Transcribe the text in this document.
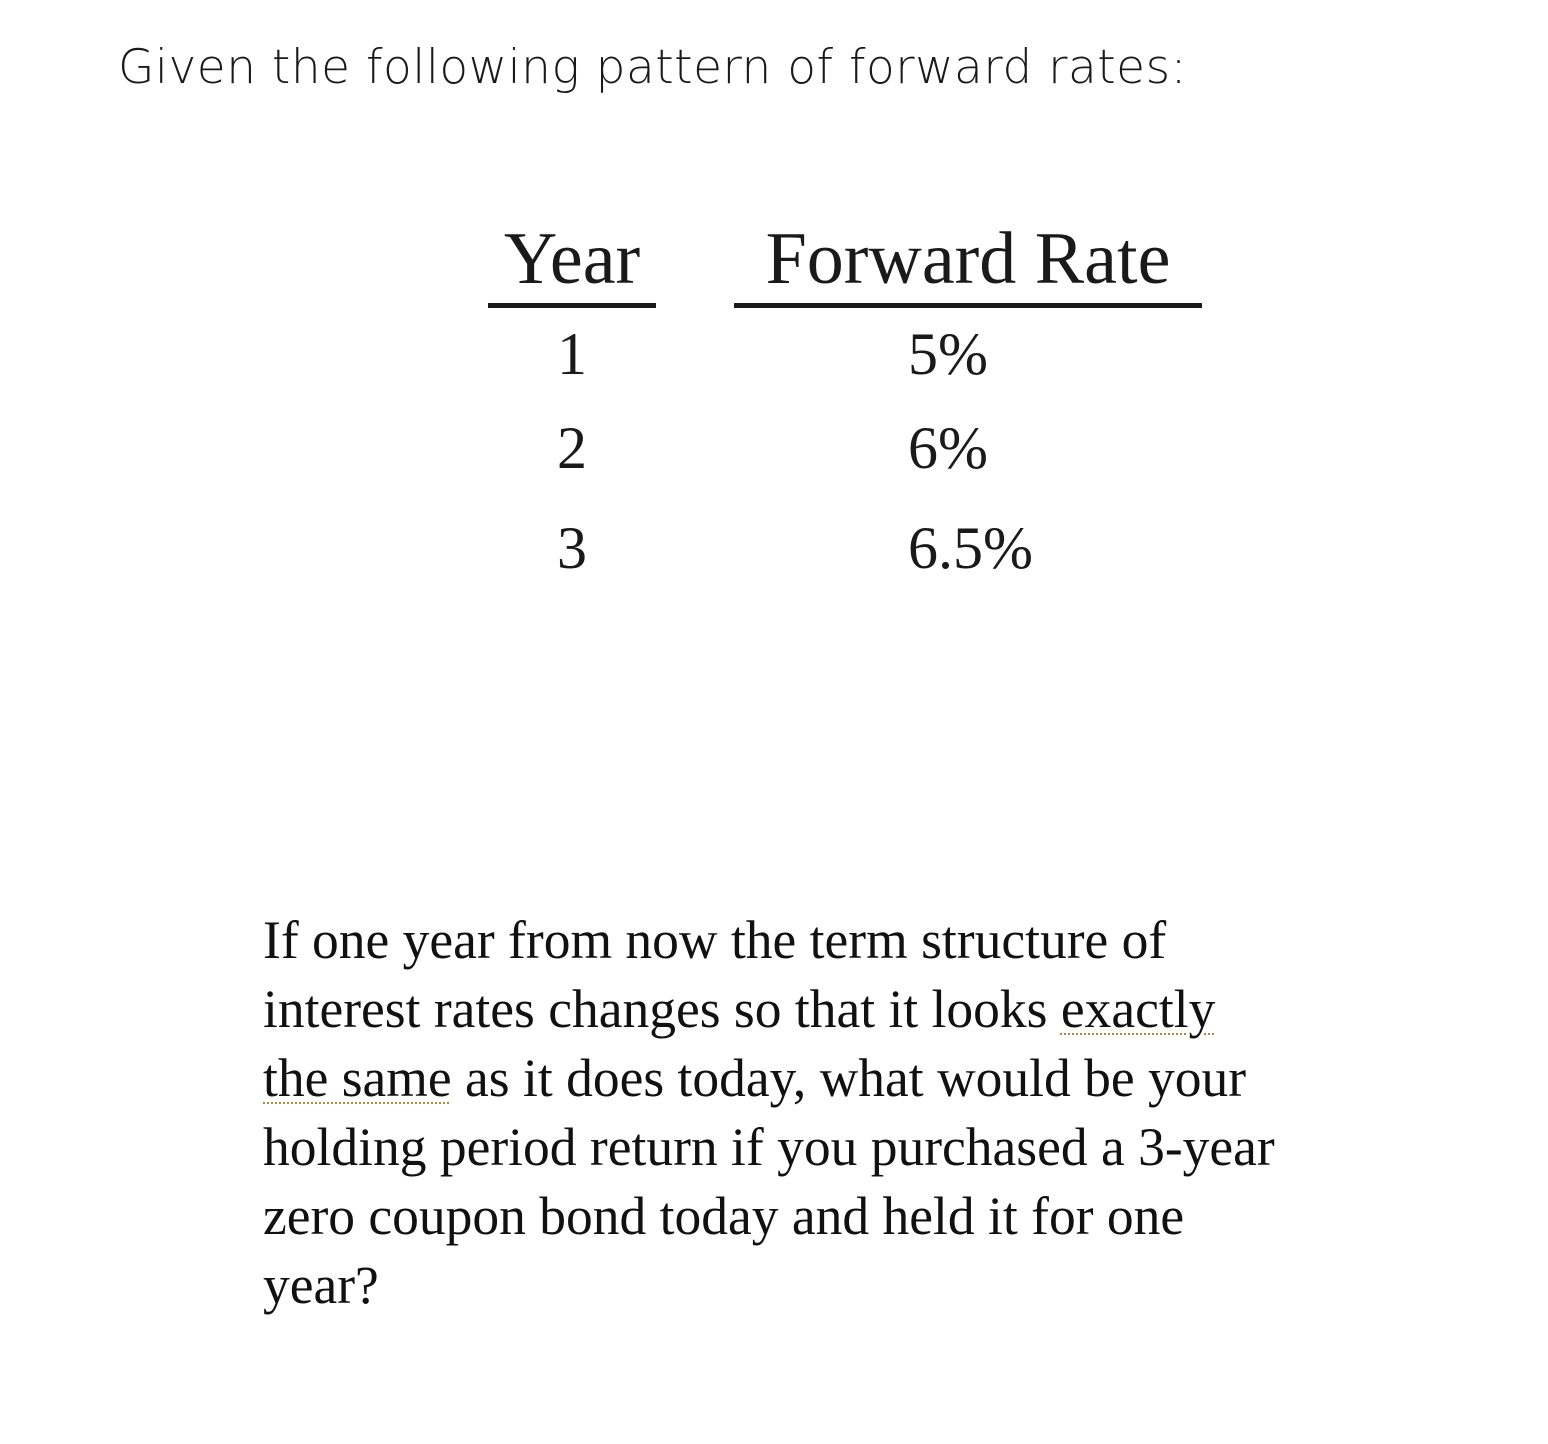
Given the following pattern of forward rates:
Year	Forward Rate
1	5%
2	6%
3	6.5%

If one year from now the term structure of

interest rates changes so that it looks exactly

the same as it does today, what would be your

holding period return if you purchased a 3-year

zero coupon bond today and held it for one

year?
